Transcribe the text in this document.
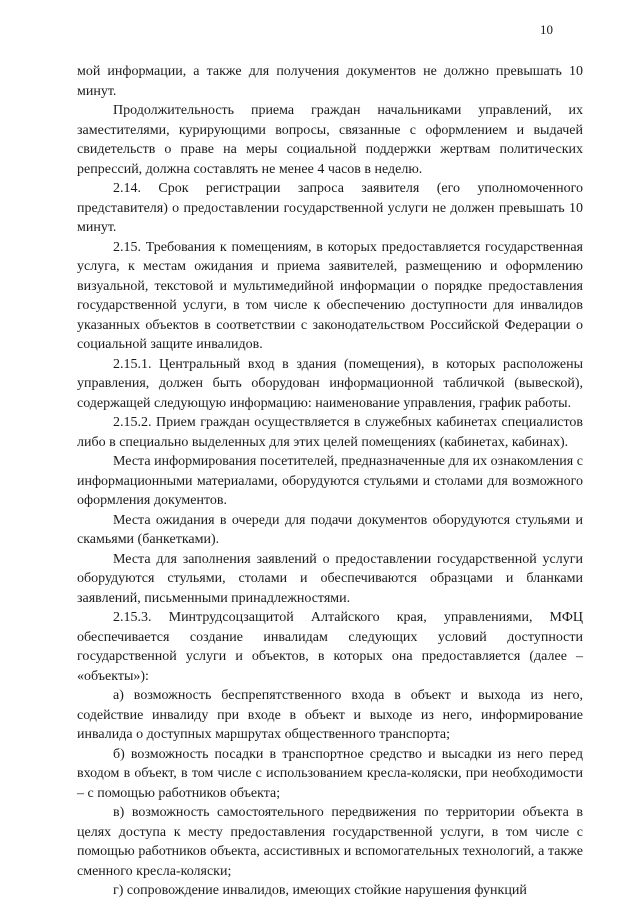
10

мой информации, а также для получения документов не должно превышать 10 минут.

Продолжительность приема граждан начальниками управлений, их заместителями, курирующими вопросы, связанные с оформлением и выдачей свидетельств о праве на меры социальной поддержки жертвам политических репрессий, должна составлять не менее 4 часов в неделю.

2.14. Срок регистрации запроса заявителя (его уполномоченного представителя) о предоставлении государственной услуги не должен превышать 10 минут.

2.15. Требования к помещениям, в которых предоставляется государственная услуга, к местам ожидания и приема заявителей, размещению и оформлению визуальной, текстовой и мультимедийной информации о порядке предоставления государственной услуги, в том числе к обеспечению доступности для инвалидов указанных объектов в соответствии с законодательством Российской Федерации о социальной защите инвалидов.

2.15.1. Центральный вход в здания (помещения), в которых расположены управления, должен быть оборудован информационной табличкой (вывеской), содержащей следующую информацию: наименование управления, график работы.

2.15.2. Прием граждан осуществляется в служебных кабинетах специалистов либо в специально выделенных для этих целей помещениях (кабинетах, кабинах).

Места информирования посетителей, предназначенные для их ознакомления с информационными материалами, оборудуются стульями и столами для возможного оформления документов.

Места ожидания в очереди для подачи документов оборудуются стульями и скамьями (банкетками).

Места для заполнения заявлений о предоставлении государственной услуги оборудуются стульями, столами и обеспечиваются образцами и бланками заявлений, письменными принадлежностями.

2.15.3. Минтрудсоцзащитой Алтайского края, управлениями, МФЦ обеспечивается создание инвалидам следующих условий доступности государственной услуги и объектов, в которых она предоставляется (далее – «объекты»):

а) возможность беспрепятственного входа в объект и выхода из него, содействие инвалиду при входе в объект и выходе из него, информирование инвалида о доступных маршрутах общественного транспорта;

б) возможность посадки в транспортное средство и высадки из него перед входом в объект, в том числе с использованием кресла-коляски, при необходимости – с помощью работников объекта;

в) возможность самостоятельного передвижения по территории объекта в целях доступа к месту предоставления государственной услуги, в том числе с помощью работников объекта, ассистивных и вспомогательных технологий, а также сменного кресла-коляски;

г) сопровождение инвалидов, имеющих стойкие нарушения функций
